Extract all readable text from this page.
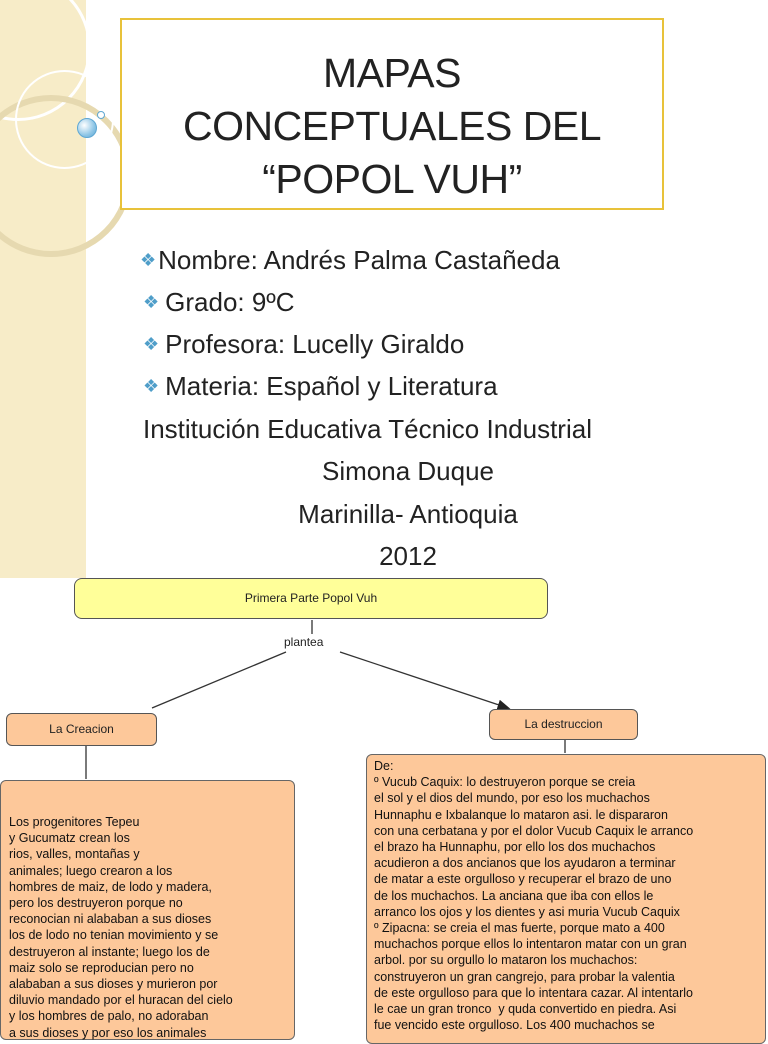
MAPAS
CONCEPTUALES DEL
“POPOL VUH”
❖Nombre: Andrés Palma Castañeda
❖ Grado: 9ºC
❖ Profesora: Lucelly Giraldo
❖ Materia: Español y Literatura
Institución Educativa Técnico Industrial
Simona Duque
Marinilla- Antioquia
2012
Primera Parte Popol Vuh
plantea
La Creacion	La destruccion
Los progenitores Tepeu
y Gucumatz crean los
rios, valles, montañas y
animales; luego crearon a los
hombres de maiz, de lodo y madera,
pero los destruyeron porque no
reconocian ni alababan a sus dioses
los de lodo no tenian movimiento y se
destruyeron al instante; luego los de
maiz solo se reproducian pero no
alababan a sus dioses y murieron por
diluvio mandado por el huracan del cielo
y los hombres de palo, no adoraban
a sus dioses y por eso los animales
De:
º Vucub Caquix: lo destruyeron porque se creia
el sol y el dios del mundo, por eso los muchachos
Hunnaphu e Ixbalanque lo mataron asi. le dispararon
con una cerbatana y por el dolor Vucub Caquix le arranco
el brazo ha Hunnaphu, por ello los dos muchachos
acudieron a dos ancianos que los ayudaron a terminar
de matar a este orgulloso y recuperar el brazo de uno
de los muchachos. La anciana que iba con ellos le
arranco los ojos y los dientes y asi muria Vucub Caquix
º Zipacna: se creia el mas fuerte, porque mato a 400
muchachos porque ellos lo intentaron matar con un gran
arbol. por su orgullo lo mataron los muchachos:
construyeron un gran cangrejo, para probar la valentia
de este orgulloso para que lo intentara cazar. Al intentarlo
le cae un gran tronco  y quda convertido en piedra. Asi
fue vencido este orgulloso. Los 400 muchachos se
